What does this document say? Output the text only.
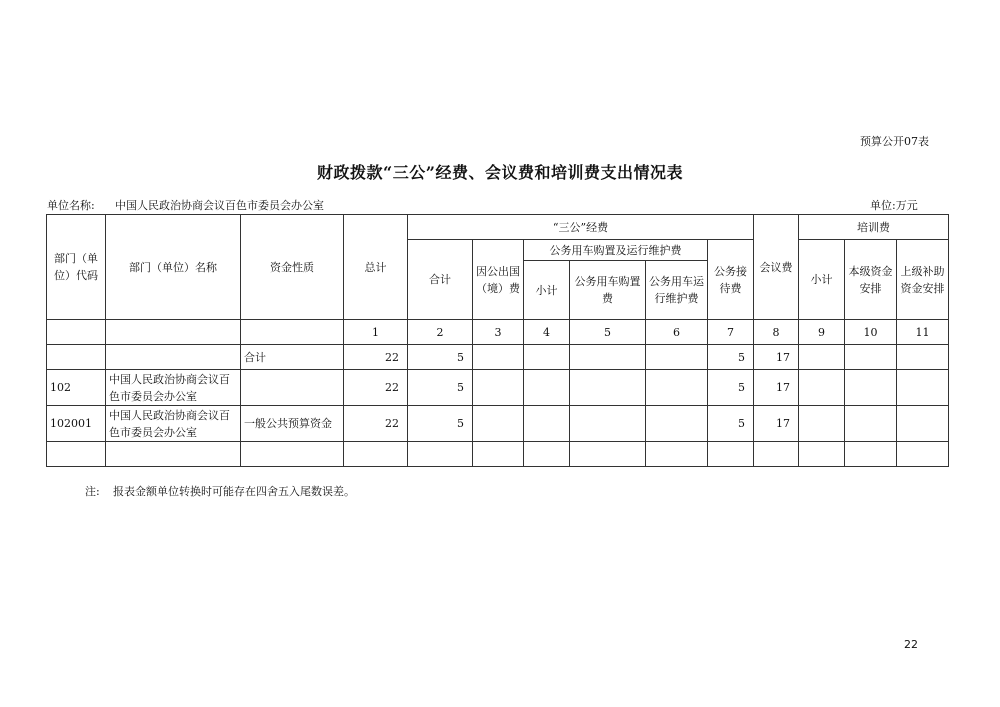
预算公开07表
财政拨款“三公”经费、会议费和培训费支出情况表
单位名称: 中国人民政治协商会议百色市委员会办公室	单位:万元
部门（单位）代码	部门（单位）名称	资金性质	总计	“三公”经费						会议费	培训费		
				合计	因公出国（境）费	公务用车购置及运行维护费			公务接待费		小计	本级资金安排	上级补助资金安排
						小计	公务用车购置费	公务用车运行维护费					
			1	2	3	4	5	6	7	8	9	10	11
		合计	22	5					5	17			
102	中国人民政治协商会议百色市委员会办公室		22	5					5	17			
102001	中国人民政治协商会议百色市委员会办公室	一般公共预算资金	22	5					5	17			

注: 报表金额单位转换时可能存在四舍五入尾数误差。
22
